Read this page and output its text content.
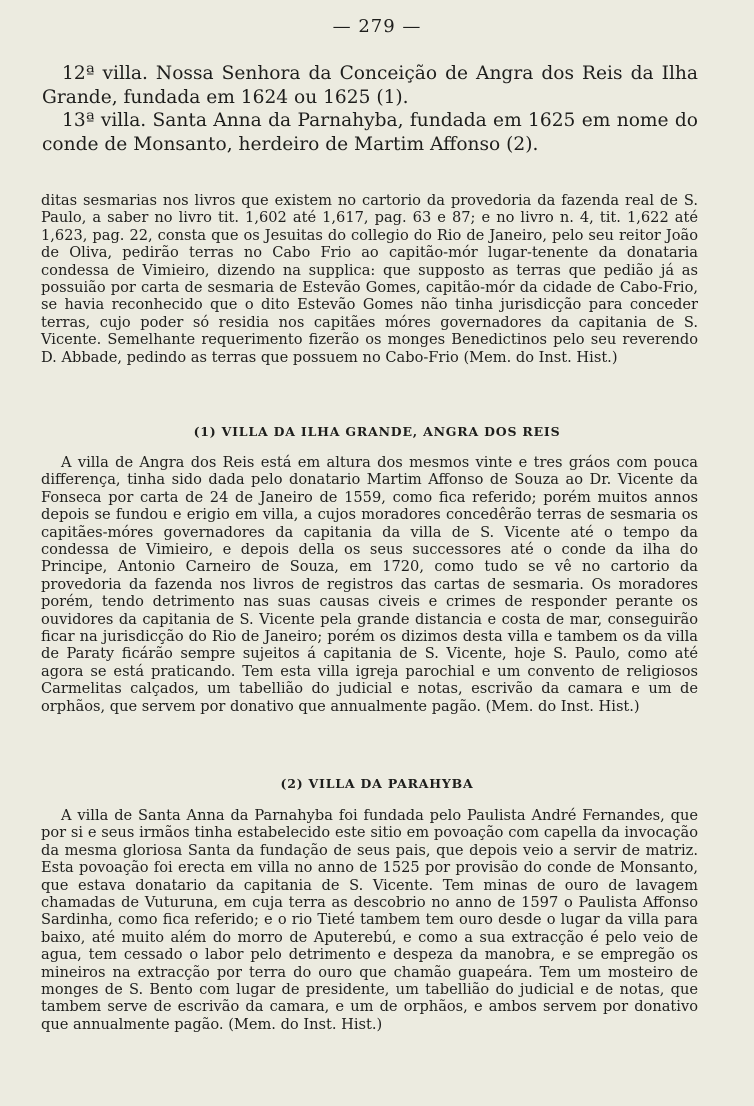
— 279 —

12ª villa. Nossa Senhora da Conceição de Angra dos Reis da Ilha Grande, fundada em 1624 ou 1625 (1).

13ª villa. Santa Anna da Parnahyba, fundada em 1625 em nome do conde de Monsanto, herdeiro de Martim Affonso (2).

ditas sesmarias nos livros que existem no cartorio da provedoria da fazenda real de S. Paulo, a saber no livro tit. 1,602 até 1,617, pag. 63 e 87; e no livro n. 4, tit. 1,622 até 1,623, pag. 22, consta que os Jesuitas do collegio do Rio de Janeiro, pelo seu reitor João de Oliva, pedirão terras no Cabo Frio ao capitão-mór lugar-tenente da donataria condessa de Vimieiro, dizendo na supplica: que supposto as terras que pedião já as possuião por carta de sesmaria de Estevão Gomes, capitão-mór da cidade de Cabo-Frio, se havia reconhecido que o dito Estevão Gomes não tinha jurisdicção para conceder terras, cujo poder só residia nos capitães móres governadores da capitania de S. Vicente. Semelhante requerimento fizerão os monges Benedictinos pelo seu reverendo D. Abbade, pedindo as terras que possuem no Cabo-Frio (Mem. do Inst. Hist.)

(1) VILLA DA ILHA GRANDE, ANGRA DOS REIS

A villa de Angra dos Reis está em altura dos mesmos vinte e tres gráos com pouca differença, tinha sido dada pelo donatario Martim Affonso de Souza ao Dr. Vicente da Fonseca por carta de 24 de Janeiro de 1559, como fica referido; porém muitos annos depois se fundou e erigio em villa, a cujos moradores concedêrão terras de sesmaria os capitães-móres governadores da capitania da villa de S. Vicente até o tempo da condessa de Vimieiro, e depois della os seus successores até o conde da ilha do Principe, Antonio Carneiro de Souza, em 1720, como tudo se vê no cartorio da provedoria da fazenda nos livros de registros das cartas de sesmaria. Os moradores porém, tendo detrimento nas suas causas civeis e crimes de responder perante os ouvidores da capitania de S. Vicente pela grande distancia e costa de mar, conseguirão ficar na jurisdicção do Rio de Janeiro; porém os dizimos desta villa e tambem os da villa de Paraty ficárão sempre sujeitos á capitania de S. Vicente, hoje S. Paulo, como até agora se está praticando. Tem esta villa igreja parochial e um convento de religiosos Carmelitas calçados, um tabellião do judicial e notas, escrivão da camara e um de orphãos, que servem por donativo que annualmente pagão. (Mem. do Inst. Hist.)

(2) VILLA DA PARAHYBA

A villa de Santa Anna da Parnahyba foi fundada pelo Paulista André Fernandes, que por si e seus irmãos tinha estabelecido este sitio em povoação com capella da invocação da mesma gloriosa Santa da fundação de seus pais, que depois veio a servir de matriz. Esta povoação foi erecta em villa no anno de 1525 por provisão do conde de Monsanto, que estava donatario da capitania de S. Vicente. Tem minas de ouro de lavagem chamadas de Vuturuna, em cuja terra as descobrio no anno de 1597 o Paulista Affonso Sardinha, como fica referido; e o rio Tieté tambem tem ouro desde o lugar da villa para baixo, até muito além do morro de Aputerebú, e como a sua extracção é pelo veio de agua, tem cessado o labor pelo detrimento e despeza da manobra, e se empregão os mineiros na extracção por terra do ouro que chamão guapeára. Tem um mosteiro de monges de S. Bento com lugar de presidente, um tabellião do judicial e de notas, que tambem serve de escrivão da camara, e um de orphãos, e ambos servem por donativo que annualmente pagão. (Mem. do Inst. Hist.)
